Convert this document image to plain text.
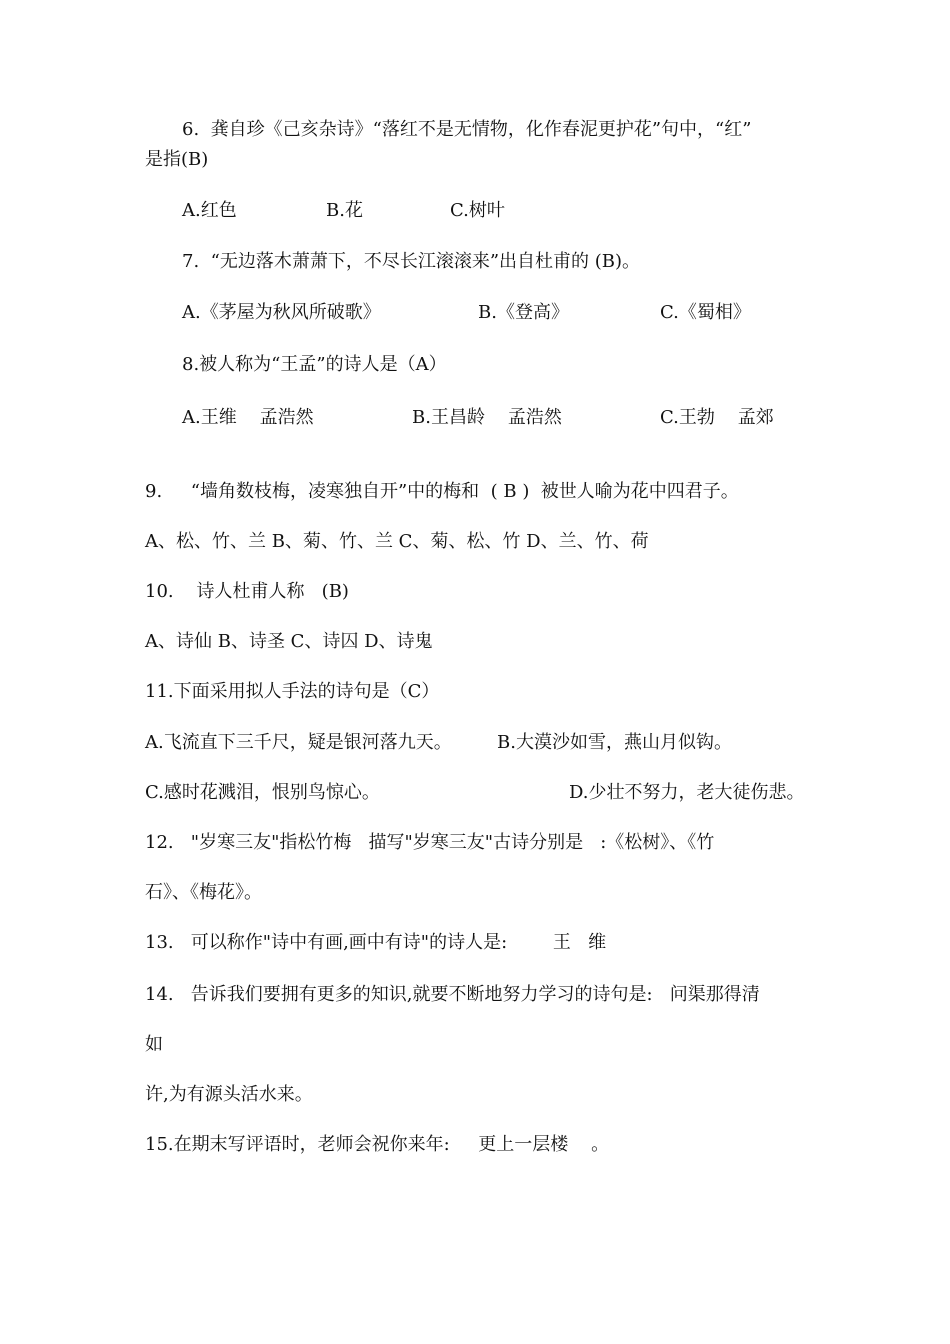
6.  龚自珍《己亥杂诗》“落红不是无情物，化作春泥更护花”句中，“红”
是指(B)
A.红色	B.花	C.树叶
7.  “无边落木萧萧下，不尽长江滚滚来”出自杜甫的 (B)。
A.《茅屋为秋风所破歌》	B.《登高》	C.《蜀相》
8.被人称为“王孟”的诗人是（A）
A.王维    孟浩然	B.王昌龄    孟浩然	C.王勃    孟郊
9.     “墙角数枝梅，凌寒独自开”中的梅和  ( B )  被世人喻为花中四君子。
A、松、竹、兰 B、菊、竹、兰 C、菊、松、竹 D、兰、竹、荷
10.    诗人杜甫人称   (B)
A、诗仙 B、诗圣 C、诗囚 D、诗鬼
11.下面采用拟人手法的诗句是（C）
A.飞流直下三千尺，疑是银河落九天。	B.大漠沙如雪，燕山月似钩。
C.感时花溅泪，恨别鸟惊心。	D.少壮不努力，老大徒伤悲。
12.   "岁寒三友"指松竹梅   描写"岁寒三友"古诗分别是   :《松树》、《竹
石》、《梅花》。
13.   可以称作"诗中有画,画中有诗"的诗人是:        王   维
14.   告诉我们要拥有更多的知识,就要不断地努力学习的诗句是:   问渠那得清
如
许,为有源头活水来。
15.在期末写评语时，老师会祝你来年:     更上一层楼    。
